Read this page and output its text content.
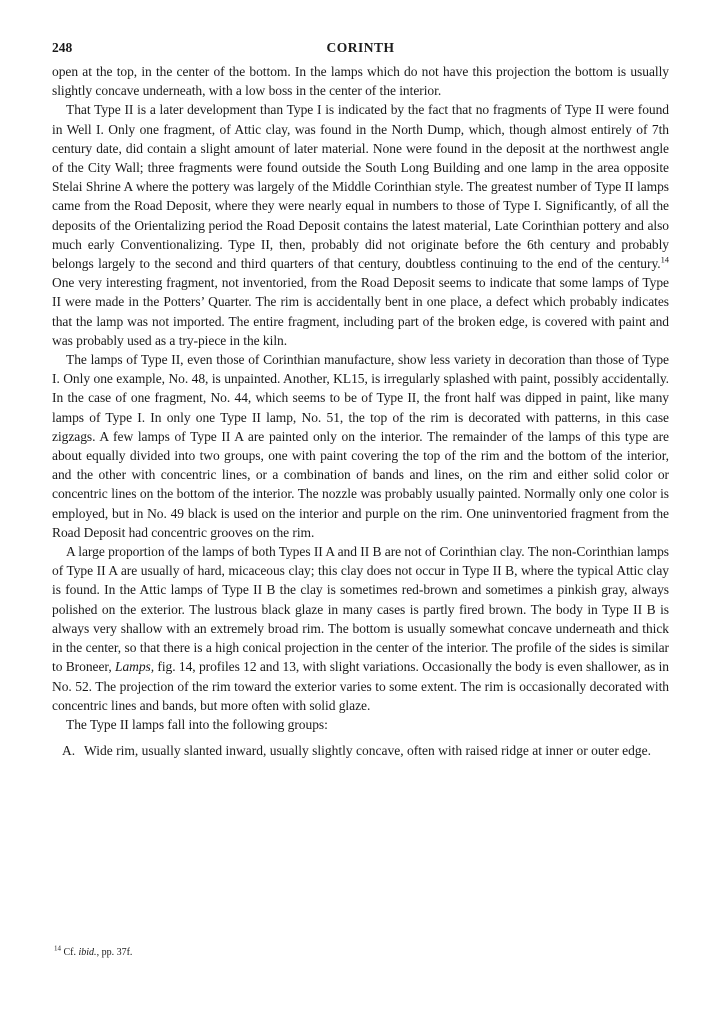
248	CORINTH

open at the top, in the center of the bottom. In the lamps which do not have this projection the bottom is usually slightly concave underneath, with a low boss in the center of the interior.

That Type II is a later development than Type I is indicated by the fact that no fragments of Type II were found in Well I. Only one fragment, of Attic clay, was found in the North Dump, which, though almost entirely of 7th century date, did contain a slight amount of later material. None were found in the deposit at the northwest angle of the City Wall; three fragments were found outside the South Long Building and one lamp in the area opposite Stelai Shrine A where the pottery was largely of the Middle Corinthian style. The greatest number of Type II lamps came from the Road Deposit, where they were nearly equal in numbers to those of Type I. Significantly, of all the deposits of the Orientalizing period the Road Deposit contains the latest material, Late Corinthian pottery and also much early Conventionalizing. Type II, then, probably did not originate before the 6th century and probably belongs largely to the second and third quarters of that century, doubtless continuing to the end of the century.$^{14}$ One very interesting fragment, not inventoried, from the Road Deposit seems to indicate that some lamps of Type II were made in the Potters’ Quarter. The rim is accidentally bent in one place, a defect which probably indicates that the lamp was not imported. The entire fragment, including part of the broken edge, is covered with paint and was probably used as a try-piece in the kiln.

The lamps of Type II, even those of Corinthian manufacture, show less variety in decoration than those of Type I. Only one example, No. 48, is unpainted. Another, KL15, is irregularly splashed with paint, possibly accidentally. In the case of one fragment, No. 44, which seems to be of Type II, the front half was dipped in paint, like many lamps of Type I. In only one Type II lamp, No. 51, the top of the rim is decorated with patterns, in this case zigzags. A few lamps of Type II A are painted only on the interior. The remainder of the lamps of this type are about equally divided into two groups, one with paint covering the top of the rim and the bottom of the interior, and the other with concentric lines, or a combination of bands and lines, on the rim and either solid color or concentric lines on the bottom of the interior. The nozzle was probably usually painted. Normally only one color is employed, but in No. 49 black is used on the interior and purple on the rim. One uninventoried fragment from the Road Deposit had concentric grooves on the rim.

A large proportion of the lamps of both Types II A and II B are not of Corinthian clay. The non-Corinthian lamps of Type II A are usually of hard, micaceous clay; this clay does not occur in Type II B, where the typical Attic clay is found. In the Attic lamps of Type II B the clay is sometimes red-brown and sometimes a pinkish gray, always polished on the exterior. The lustrous black glaze in many cases is partly fired brown. The body in Type II B is always very shallow with an extremely broad rim. The bottom is usually somewhat concave underneath and thick in the center, so that there is a high conical projection in the center of the interior. The profile of the sides is similar to Broneer, Lamps, fig. 14, profiles 12 and 13, with slight variations. Occasionally the body is even shallower, as in No. 52. The projection of the rim toward the exterior varies to some extent. The rim is occasionally decorated with concentric lines and bands, but more often with solid glaze.

The Type II lamps fall into the following groups:

A. Wide rim, usually slanted inward, usually slightly concave, often with raised ridge at inner or outer edge.
$^{14}$ Cf. ibid., pp. 37f.
